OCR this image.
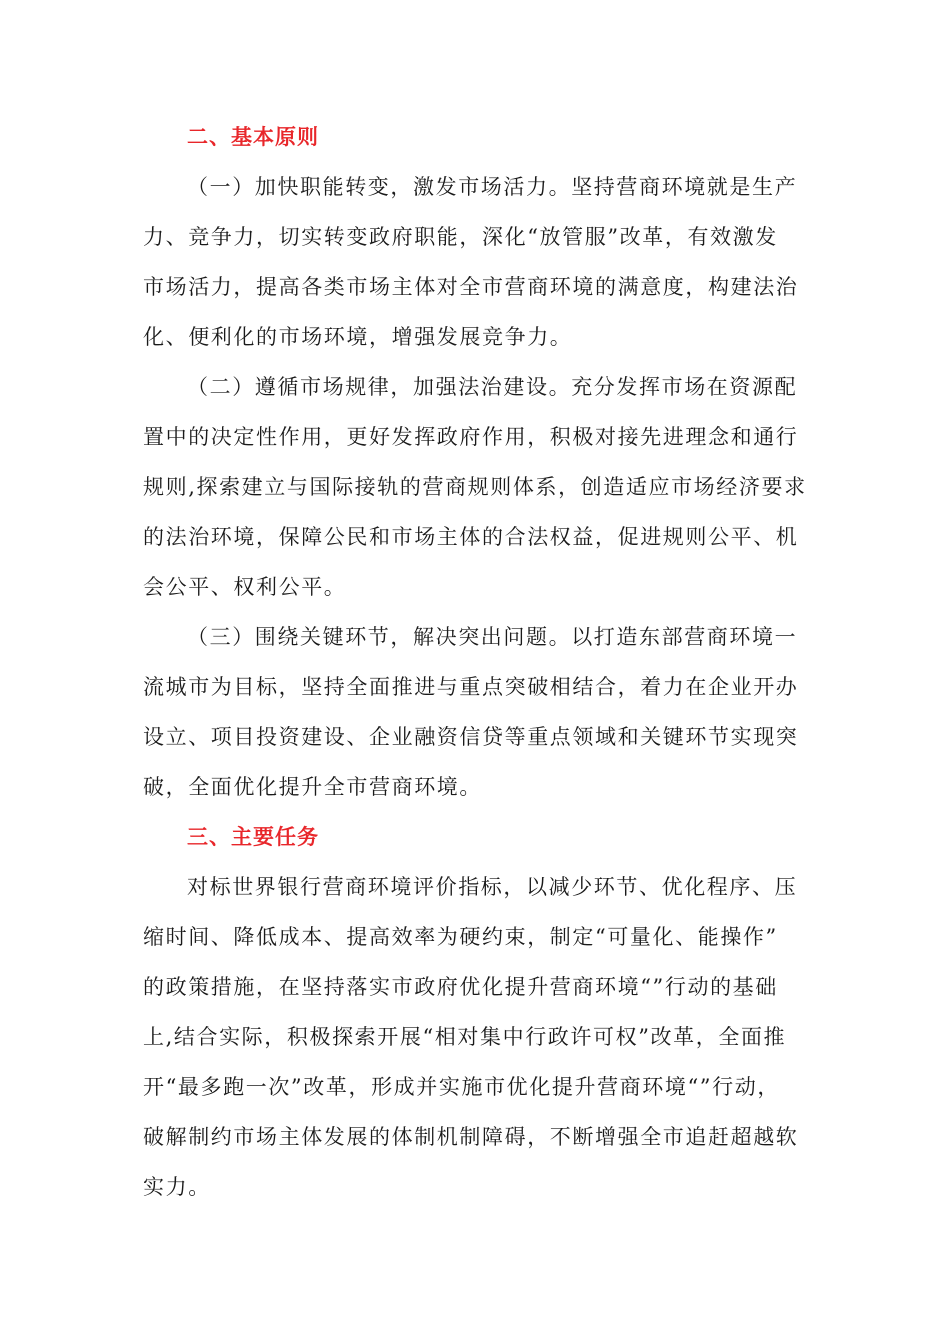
二、基本原则

（一）加快职能转变，激发市场活力。坚持营商环境就是生产
力、竞争力，切实转变政府职能，深化“放管服”改革，有效激发
市场活力，提高各类市场主体对全市营商环境的满意度，构建法治
化、便利化的市场环境，增强发展竞争力。

（二）遵循市场规律，加强法治建设。充分发挥市场在资源配
置中的决定性作用，更好发挥政府作用，积极对接先进理念和通行
规则,探索建立与国际接轨的营商规则体系，创造适应市场经济要求
的法治环境，保障公民和市场主体的合法权益，促进规则公平、机
会公平、权利公平。

（三）围绕关键环节，解决突出问题。以打造东部营商环境一
流城市为目标，坚持全面推进与重点突破相结合，着力在企业开办
设立、项目投资建设、企业融资信贷等重点领域和关键环节实现突
破，全面优化提升全市营商环境。

三、主要任务

对标世界银行营商环境评价指标，以减少环节、优化程序、压
缩时间、降低成本、提高效率为硬约束，制定“可量化、能操作”
的政策措施，在坚持落实市政府优化提升营商环境“”行动的基础
上,结合实际，积极探索开展“相对集中行政许可权”改革，全面推
开“最多跑一次”改革，形成并实施市优化提升营商环境“”行动，
破解制约市场主体发展的体制机制障碍，不断增强全市追赶超越软
实力。
